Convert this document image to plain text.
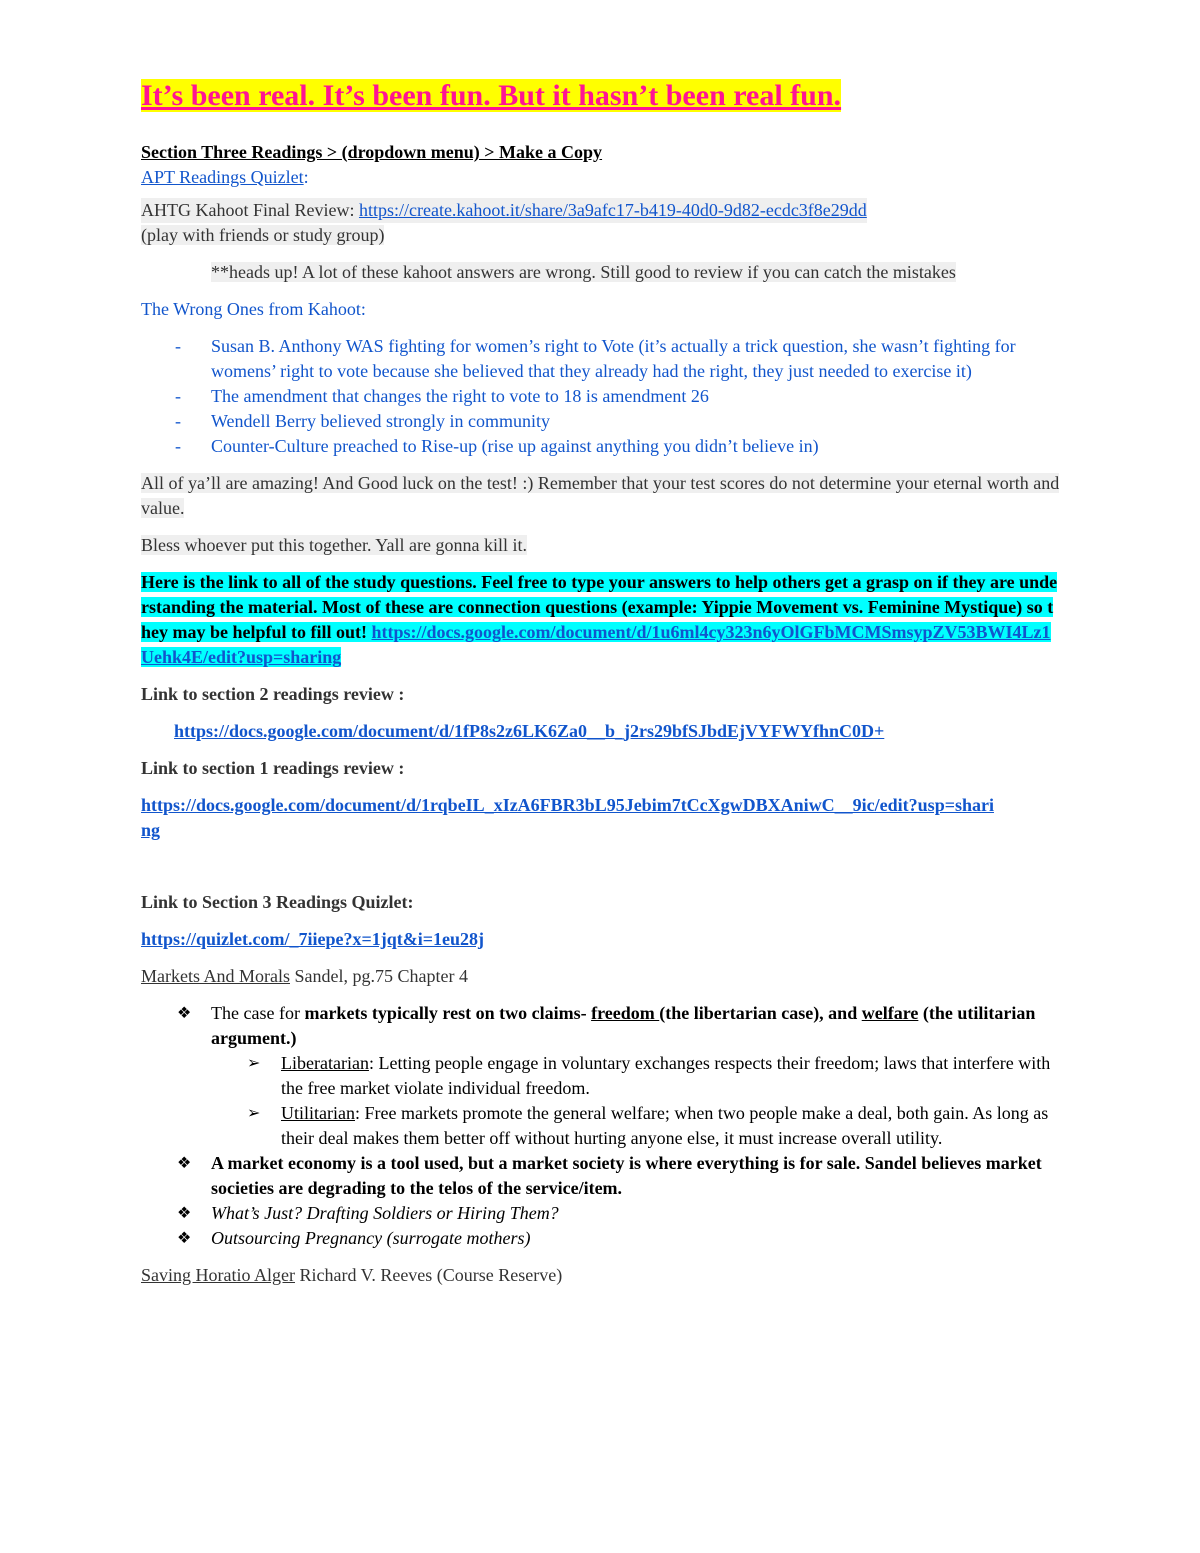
It’s been real. It’s been fun. But it hasn’t been real fun.

Section Three Readings > (dropdown menu) > Make a Copy

APT Readings Quizlet:

AHTG Kahoot Final Review: https://create.kahoot.it/share/3a9afc17-b419-40d0-9d82-ecdc3f8e29dd

(play with friends or study group)

**heads up! A lot of these kahoot answers are wrong. Still good to review if you can catch the mistakes

The Wrong Ones from Kahoot:

- Susan B. Anthony WAS fighting for women’s right to Vote (it’s actually a trick question, she wasn’t fighting for womens’ right to vote because she believed that they already had the right, they just needed to exercise it)
- The amendment that changes the right to vote to 18 is amendment 26
- Wendell Berry believed strongly in community
- Counter-Culture preached to Rise-up (rise up against anything you didn’t believe in)

All of ya’ll are amazing! And Good luck on the test! :) Remember that your test scores do not determine your eternal worth and value.

Bless whoever put this together. Yall are gonna kill it.

Here is the link to all of the study questions. Feel free to type your answers to help others get a grasp on if they are understanding the material. Most of these are connection questions (example: Yippie Movement vs. Feminine Mystique) so they may be helpful to fill out! https://docs.google.com/document/d/1u6ml4cy323n6yOlGFbMCMSmsypZV53BWI4Lz1Uehk4E/edit?usp=sharing

Link to section 2 readings review :

https://docs.google.com/document/d/1fP8s2z6LK6Za0__b_j2rs29bfSJbdEjVYFWYfhnC0D+

Link to section 1 readings review :

https://docs.google.com/document/d/1rqbeIL_xIzA6FBR3bL95Jebim7tCcXgwDBXAniwC__9ic/edit?usp=sharing

Link to Section 3 Readings Quizlet:

https://quizlet.com/_7iiepe?x=1jqt&i=1eu28j

Markets And Morals Sandel, pg.75 Chapter 4

❖ The case for markets typically rest on two claims- freedom (the libertarian case), and welfare (the utilitarian argument.)
➢ Liberatarian: Letting people engage in voluntary exchanges respects their freedom; laws that interfere with the free market violate individual freedom.
➢ Utilitarian: Free markets promote the general welfare; when two people make a deal, both gain. As long as their deal makes them better off without hurting anyone else, it must increase overall utility.
❖ A market economy is a tool used, but a market society is where everything is for sale. Sandel believes market societies are degrading to the telos of the service/item.
❖ What’s Just? Drafting Soldiers or Hiring Them?
❖ Outsourcing Pregnancy (surrogate mothers)

Saving Horatio Alger Richard V. Reeves (Course Reserve)
